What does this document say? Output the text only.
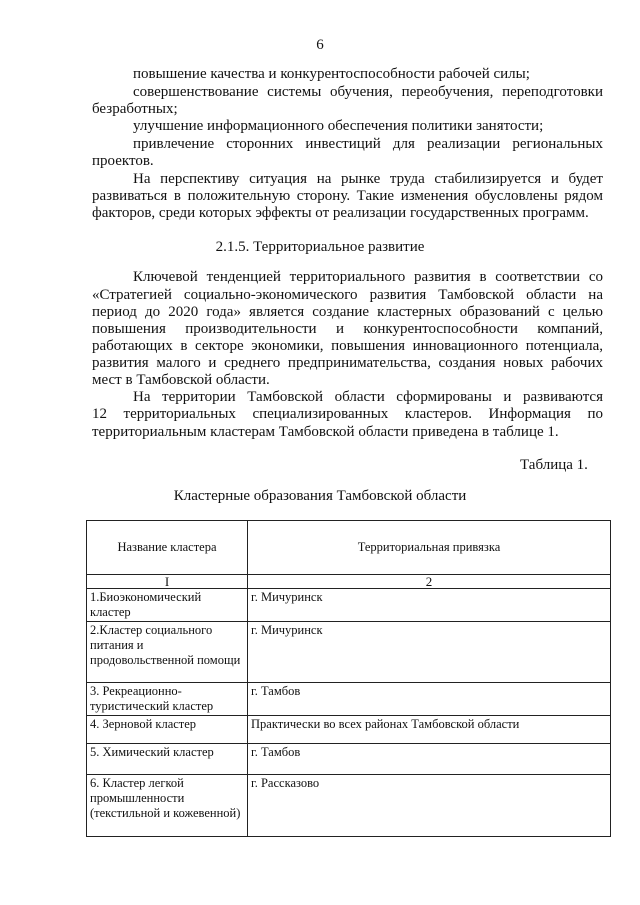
6
повышение качества и конкурентоспособности рабочей силы;
совершенствование системы обучения, переобучения, переподготовки
безработных;
улучшение информационного обеспечения политики занятости;
привлечение сторонних инвестиций для реализации региональных
проектов.
На перспективу ситуация на рынке труда стабилизируется и будет
развиваться в положительную сторону. Такие изменения обусловлены рядом
факторов, среди которых эффекты от реализации государственных программ.
2.1.5. Территориальное развитие
Ключевой тенденцией территориального развития в соответствии со
«Стратегией социально-экономического развития Тамбовской области на
период до 2020 года» является создание кластерных образований с целью
повышения производительности и конкурентоспособности компаний,
работающих в секторе экономики, повышения инновационного потенциала,
развития малого и среднего предпринимательства, создания новых рабочих
мест в Тамбовской области.
На территории Тамбовской области сформированы и развиваются
12 территориальных специализированных кластеров. Информация по
территориальным кластерам Тамбовской области приведена в таблице 1.
Таблица 1.
Кластерные образования Тамбовской области
Название кластера	Территориальная привязка
I	2
1.Биоэкономический кластер	г. Мичуринск
2.Кластер социального питания и продовольственной помощи	г. Мичуринск
3. Рекреационно-туристический кластер	г. Тамбов
4. Зерновой кластер	Практически во всех районах Тамбовской области
5. Химический кластер	г. Тамбов
6. Кластер легкой промышленности (текстильной и кожевенной)	г. Рассказово
